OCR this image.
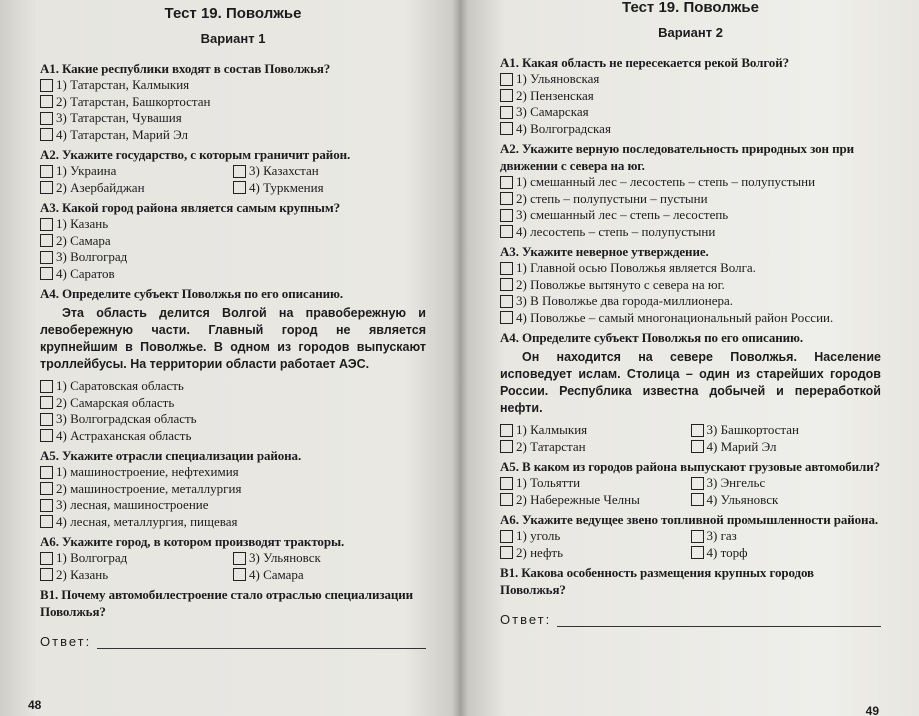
Тест 19. Поволжье
Вариант 1
A1. Какие республики входят в состав Поволжья?
1) Татарстан, Калмыкия
2) Татарстан, Башкортостан
3) Татарстан, Чувашия
4) Татарстан, Марий Эл
A2. Укажите государство, с которым граничит район.
1) Украина	3) Казахстан
2) Азербайджан	4) Туркмения
A3. Какой город района является самым крупным?
1) Казань
2) Самара
3) Волгоград
4) Саратов
A4. Определите субъект Поволжья по его описанию.
Эта область делится Волгой на правобережную и левобережную части. Главный город не является крупнейшим в Поволжье. В одном из городов выпускают троллейбусы. На территории области работает АЭС.
1) Саратовская область
2) Самарская область
3) Волгоградская область
4) Астраханская область
A5. Укажите отрасли специализации района.
1) машиностроение, нефтехимия
2) машиностроение, металлургия
3) лесная, машиностроение
4) лесная, металлургия, пищевая
A6. Укажите город, в котором производят тракторы.
1) Волгоград	3) Ульяновск
2) Казань	4) Самара
B1. Почему автомобилестроение стало отраслью специализации Поволжья?
Ответ:
48
Тест 19. Поволжье
Вариант 2
A1. Какая область не пересекается рекой Волгой?
1) Ульяновская
2) Пензенская
3) Самарская
4) Волгоградская
A2. Укажите верную последовательность природных зон при движении с севера на юг.
1) смешанный лес – лесостепь – степь – полупустыни
2) степь – полупустыни – пустыни
3) смешанный лес – степь – лесостепь
4) лесостепь – степь – полупустыни
A3. Укажите неверное утверждение.
1) Главной осью Поволжья является Волга.
2) Поволжье вытянуто с севера на юг.
3) В Поволжье два города-миллионера.
4) Поволжье – самый многонациональный район России.
A4. Определите субъект Поволжья по его описанию.
Он находится на севере Поволжья. Население исповедует ислам. Столица – один из старейших городов России. Республика известна добычей и переработкой нефти.
1) Калмыкия	3) Башкортостан
2) Татарстан	4) Марий Эл
A5. В каком из городов района выпускают грузовые автомобили?
1) Тольятти	3) Энгельс
2) Набережные Челны	4) Ульяновск
A6. Укажите ведущее звено топливной промышленности района.
1) уголь	3) газ
2) нефть	4) торф
B1. Какова особенность размещения крупных городов Поволжья?
Ответ:
49
